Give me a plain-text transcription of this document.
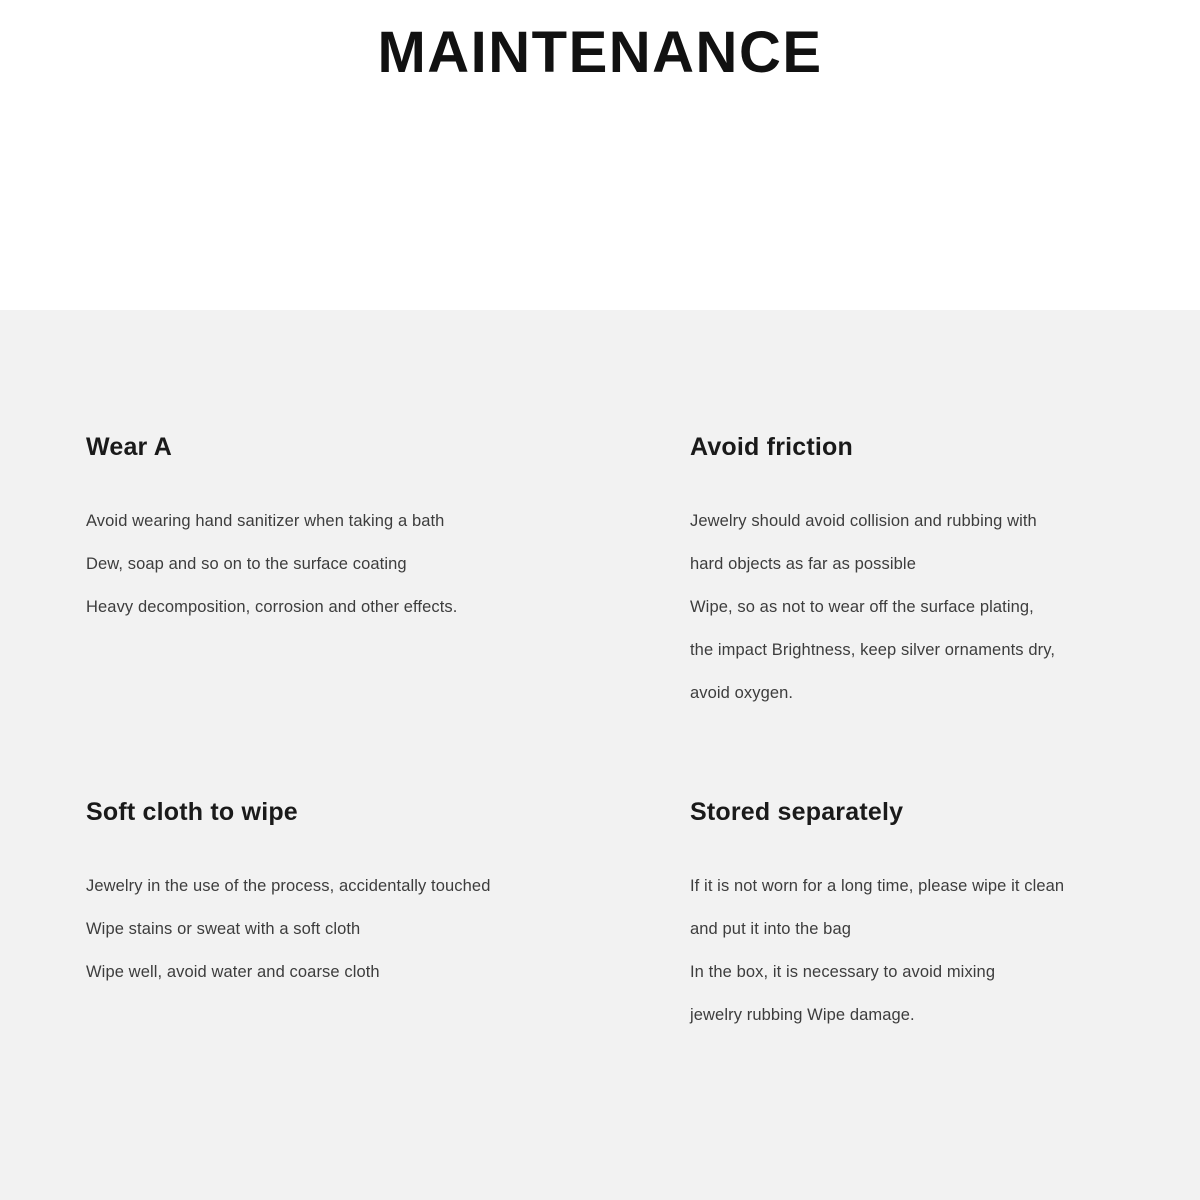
MAINTENANCE
Wear A
Avoid wearing hand sanitizer when taking a bath
Dew, soap and so on to the surface coating
Heavy decomposition, corrosion and other effects.
Avoid friction
Jewelry should avoid collision and rubbing with
hard objects as far as possible
Wipe, so as not to wear off the surface plating,
the impact Brightness, keep silver ornaments dry,
avoid oxygen.
Soft cloth to wipe
Jewelry in the use of the process, accidentally touched
Wipe stains or sweat with a soft cloth
Wipe well, avoid water and coarse cloth
Stored separately
If it is not worn for a long time, please wipe it clean
and put it into the bag
In the box, it is necessary to avoid mixing
jewelry rubbing Wipe damage.
